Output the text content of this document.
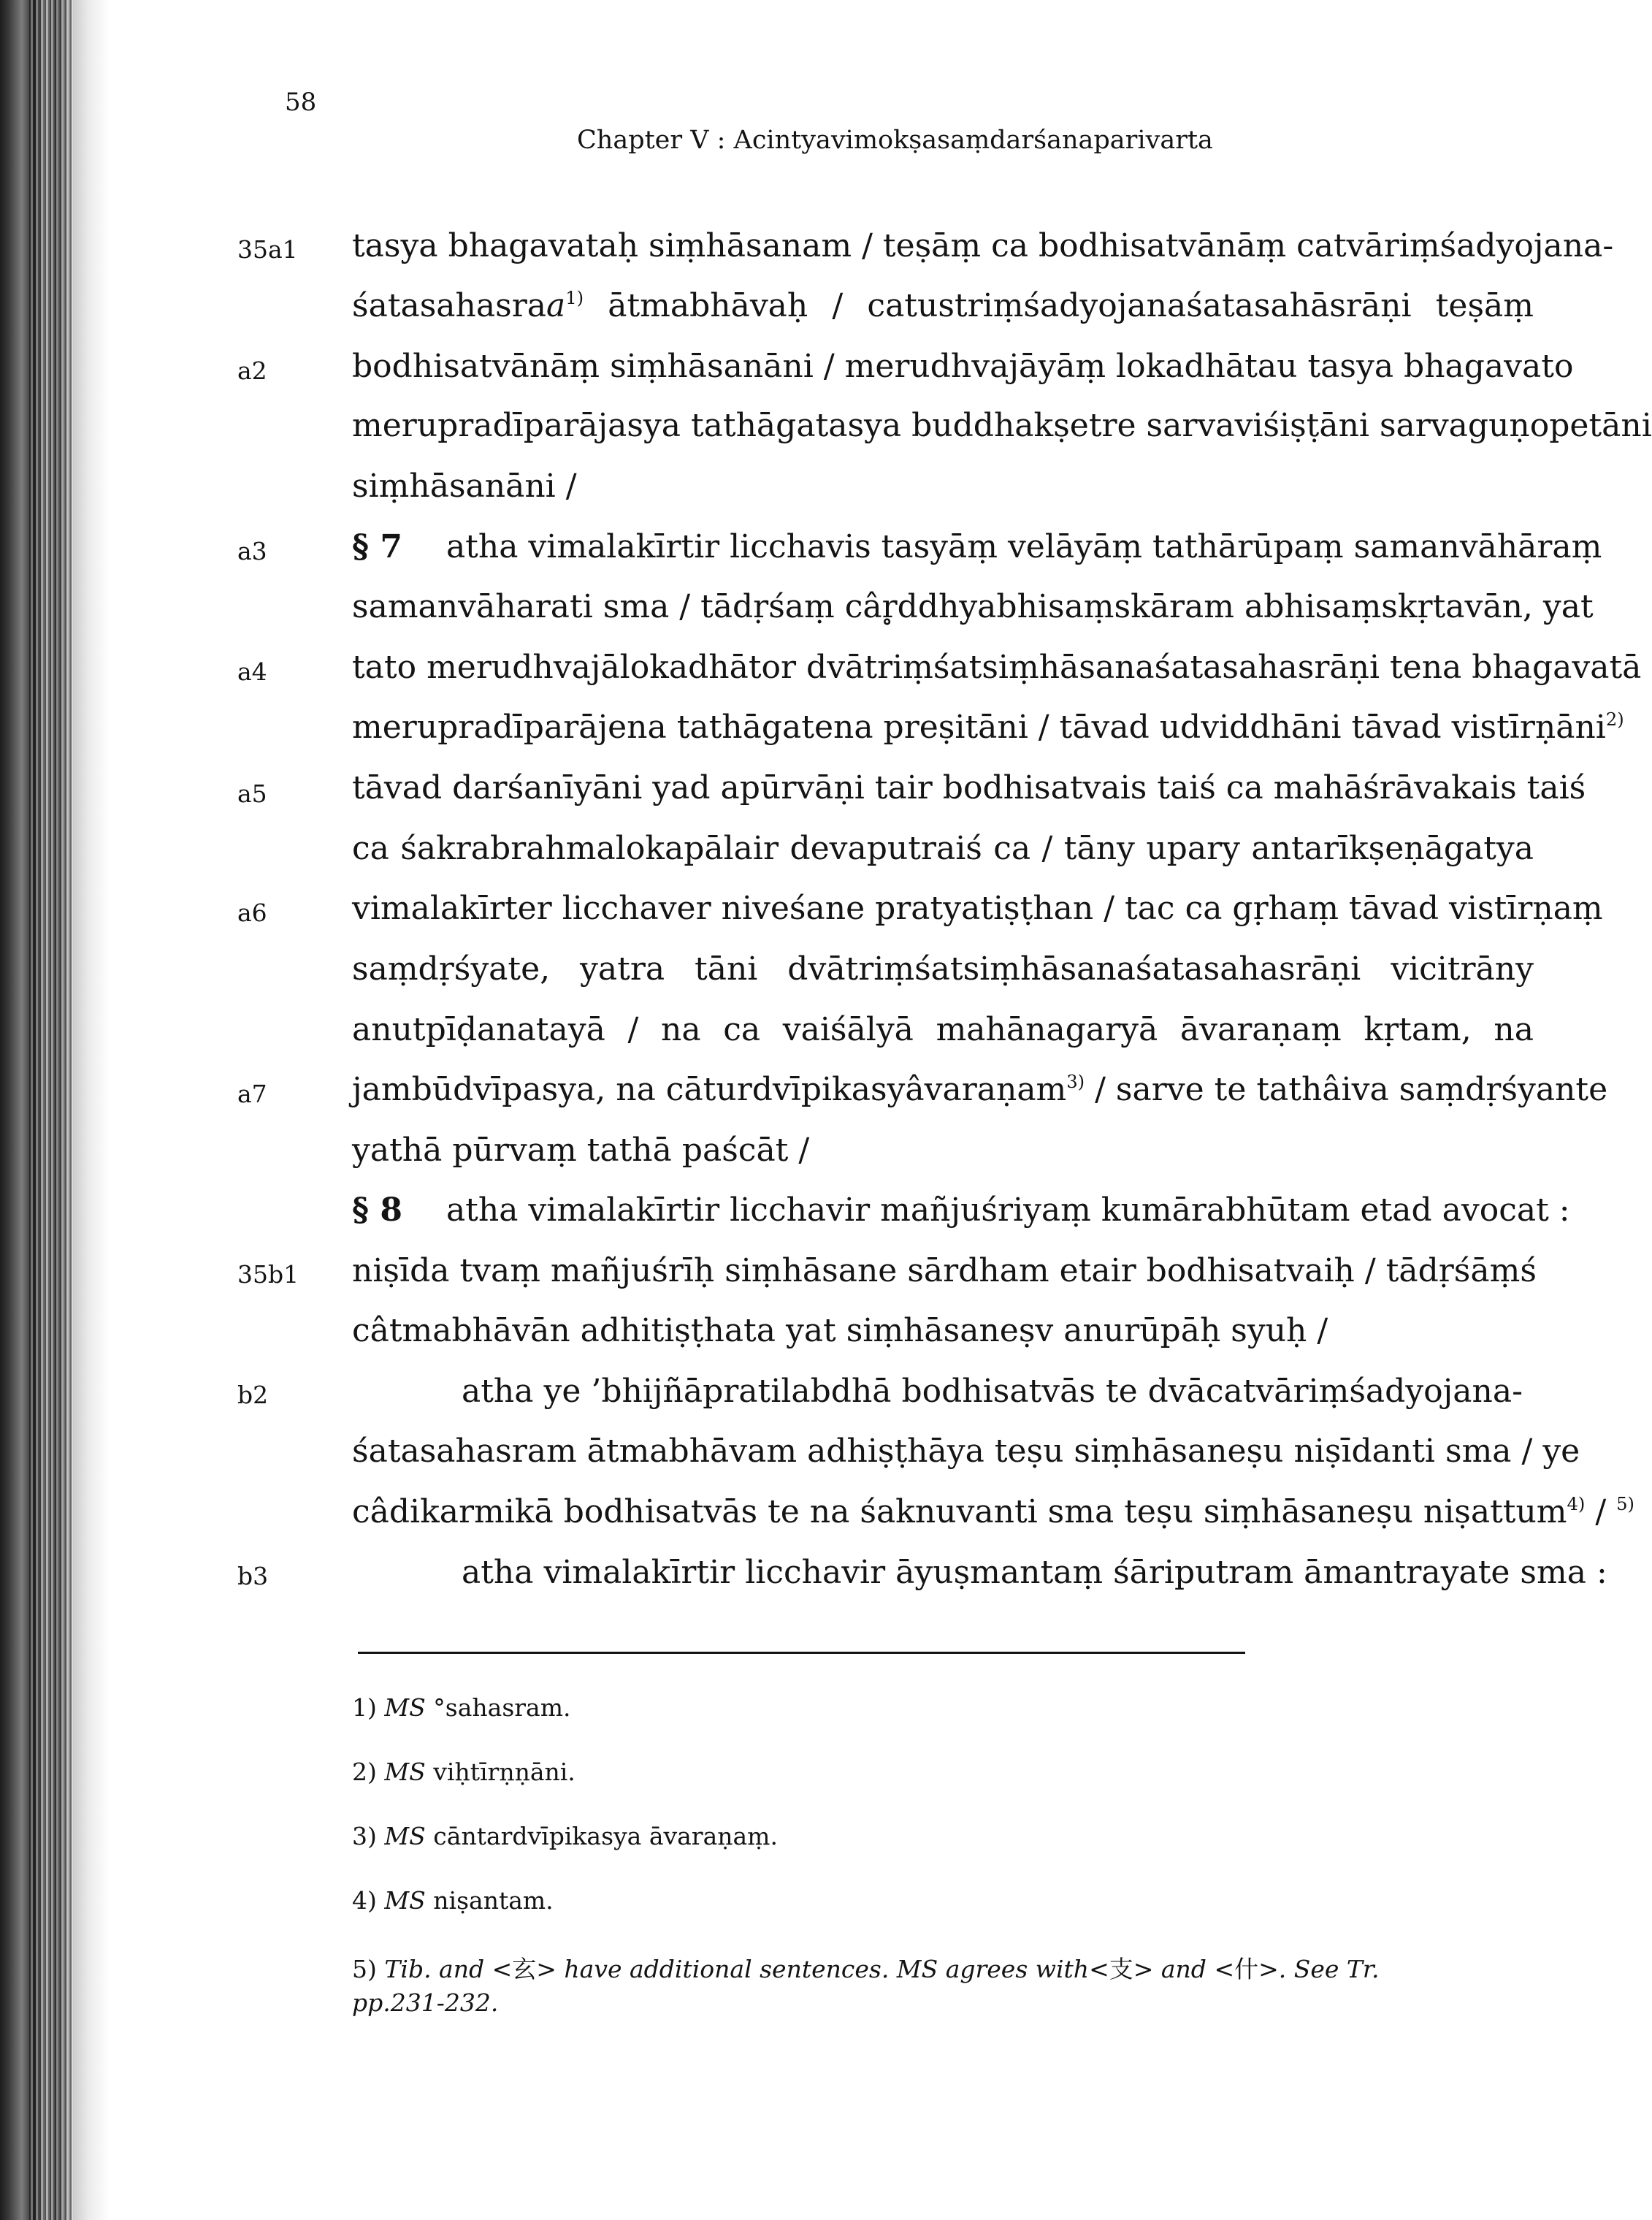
58
Chapter V : Acintyavimokṣasaṃdarśanaparivarta
35a1
a2
a3
a4
a5
a6
a7
35b1
b2
b3
tasya bhagavataḥ siṃhāsanam / teṣāṃ ca bodhisatvānāṃ catvāriṃśadyojana-
śatasahasraa$^{1)}$ ātmabhāvaḥ / catustriṃśadyojanaśatasahāsrāṇi teṣāṃ
bodhisatvānāṃ siṃhāsanāni / merudhvajāyāṃ lokadhātau tasya bhagavato
merupradīparājasya tathāgatasya buddhakṣetre sarvaviśiṣṭāni sarvaguṇopetāni
siṃhāsanāni /
§ 7 atha vimalakīrtir licchavis tasyāṃ velāyāṃ tathārūpaṃ samanvāhāraṃ
samanvāharati sma / tādṛśaṃ câr̥ddhyabhisaṃskāram abhisaṃskṛtavān, yat
tato merudhvajālokadhātor dvātriṃśatsiṃhāsanaśatasahasrāṇi tena bhagavatā
merupradīparājena tathāgatena preṣitāni / tāvad udviddhāni tāvad vistīrṇāni$^{2)}$
tāvad darśanīyāni yad apūrvāṇi tair bodhisatvais taiś ca mahāśrāvakais taiś
ca śakrabrahmalokapālair devaputraiś ca / tāny upary antarīkṣeṇāgatya
vimalakīrter licchaver niveśane pratyatiṣṭhan / tac ca gṛhaṃ tāvad vistīrṇaṃ
saṃdṛśyate, yatra tāni dvātriṃśatsiṃhāsanaśatasahasrāṇi vicitrāny
anutpīḍanatayā / na ca vaiśālyā mahānagaryā āvaraṇaṃ kṛtam, na
jambūdvīpasya, na cāturdvīpikasyâvaraṇam$^{3)}$ / sarve te tathâiva saṃdṛśyante
yathā pūrvaṃ tathā paścāt /
§ 8 atha vimalakīrtir licchavir mañjuśriyaṃ kumārabhūtam etad avocat :
niṣīda tvaṃ mañjuśrīḥ siṃhāsane sārdham etair bodhisatvaiḥ / tādṛśāṃś
câtmabhāvān adhitiṣṭhata yat siṃhāsaneṣv anurūpāḥ syuḥ /
atha ye ’bhijñāpratilabdhā bodhisatvās te dvācatvāriṃśadyojana-
śatasahasram ātmabhāvam adhiṣṭhāya teṣu siṃhāsaneṣu niṣīdanti sma / ye
câdikarmikā bodhisatvās te na śaknuvanti sma teṣu siṃhāsaneṣu niṣattum$^{4)}$ / $^{5)}$
atha vimalakīrtir licchavir āyuṣmantaṃ śāriputram āmantrayate sma :
1) MS °sahasram.
2) MS viḥtīrṇṇāni.
3) MS cāntardvīpikasya āvaraṇaṃ.
4) MS niṣantam.
5) Tib. and <玄> have additional sentences. MS agrees with<支> and <什>. See Tr.
pp.231-232.
